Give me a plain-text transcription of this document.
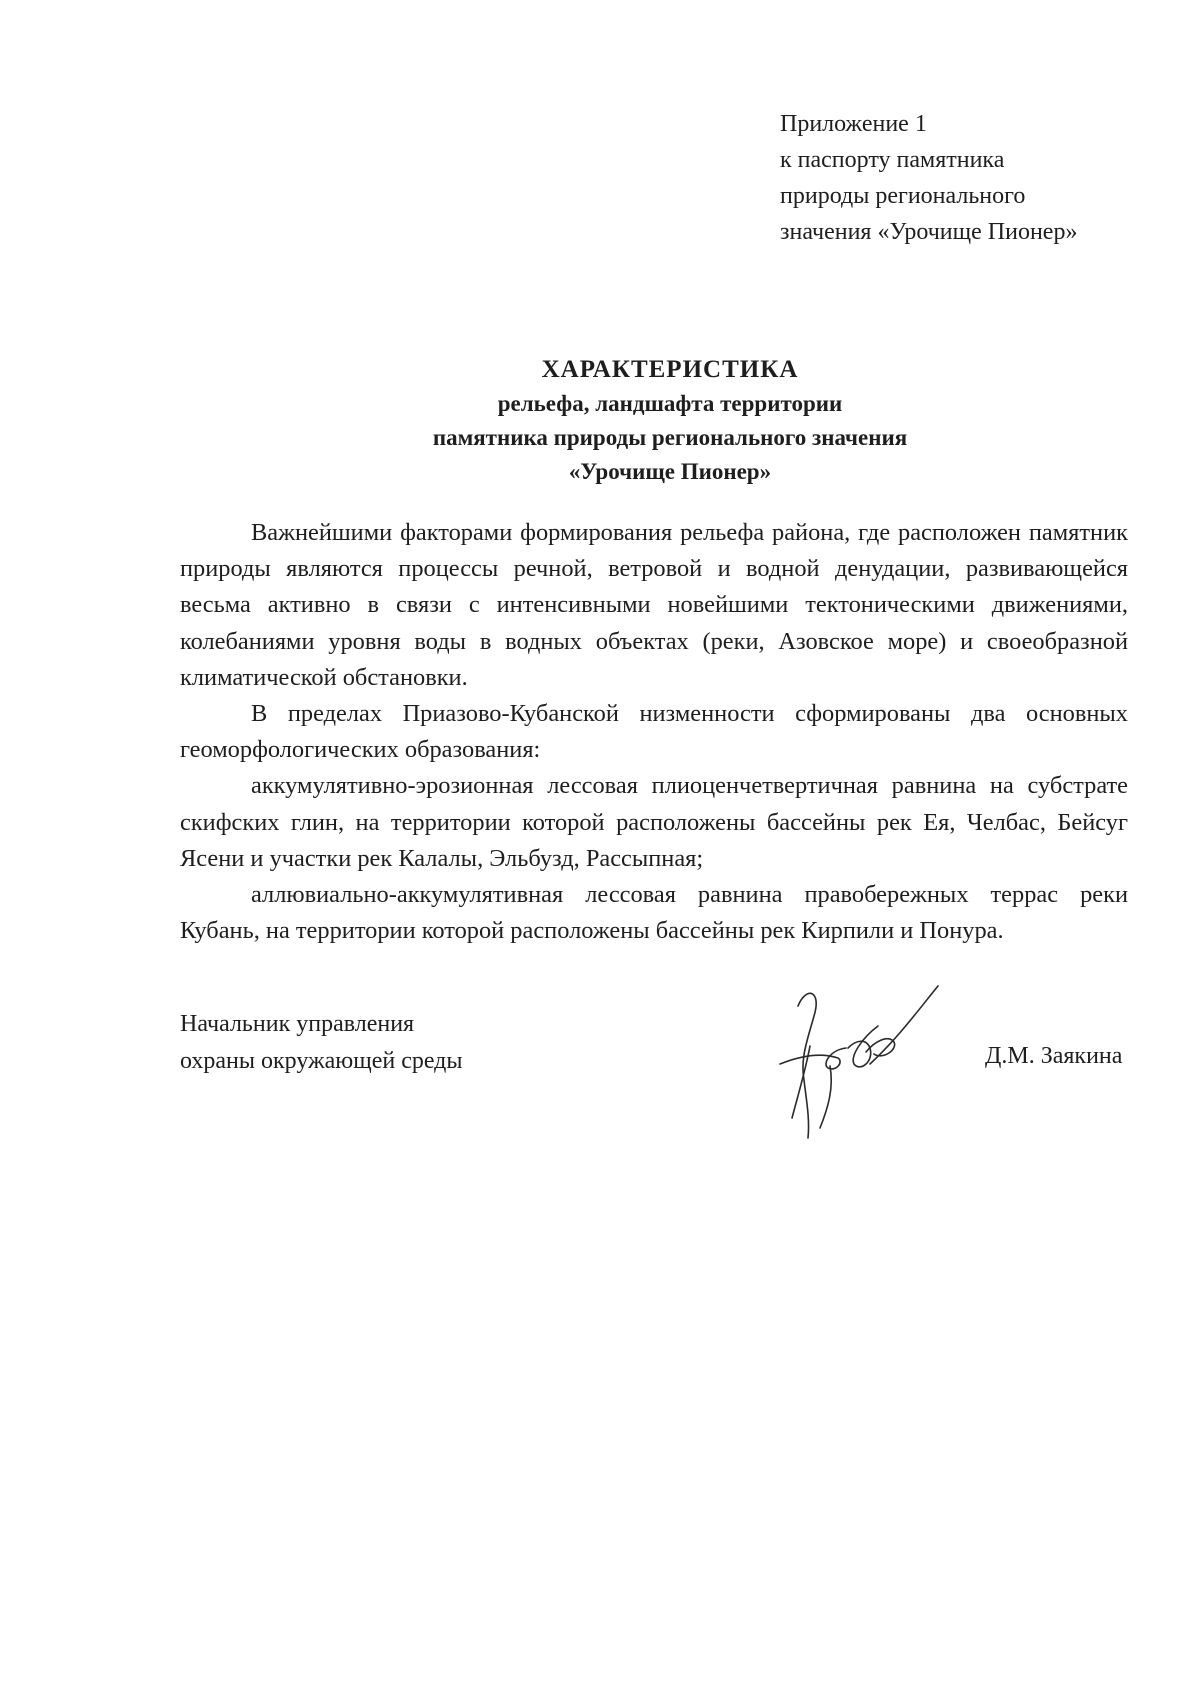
Приложение 1
к паспорту памятника
природы регионального
значения «Урочище Пионер»
ХАРАКТЕРИСТИКА
рельефа, ландшафта территории
памятника природы регионального значения
«Урочище Пионер»

Важнейшими факторами формирования рельефа района, где расположен памятник природы являются процессы речной, ветровой и водной денудации, развивающейся весьма активно в связи с интенсивными новейшими тектоническими движениями, колебаниями уровня воды в водных объектах (реки, Азовское море) и своеобразной климатической обстановки.

В пределах Приазово-Кубанской низменности сформированы два основных геоморфологических образования:

аккумулятивно-эрозионная лессовая плиоценчетвертичная равнина на субстрате скифских глин, на территории которой расположены бассейны рек Ея, Челбас, Бейсуг Ясени и участки рек Калалы, Эльбузд, Рассыпная;

аллювиально-аккумулятивная лессовая равнина правобережных террас реки Кубань, на территории которой расположены бассейны рек Кирпили и Понура.

Начальник управления
охраны окружающей среды	Д.М. Заякина
